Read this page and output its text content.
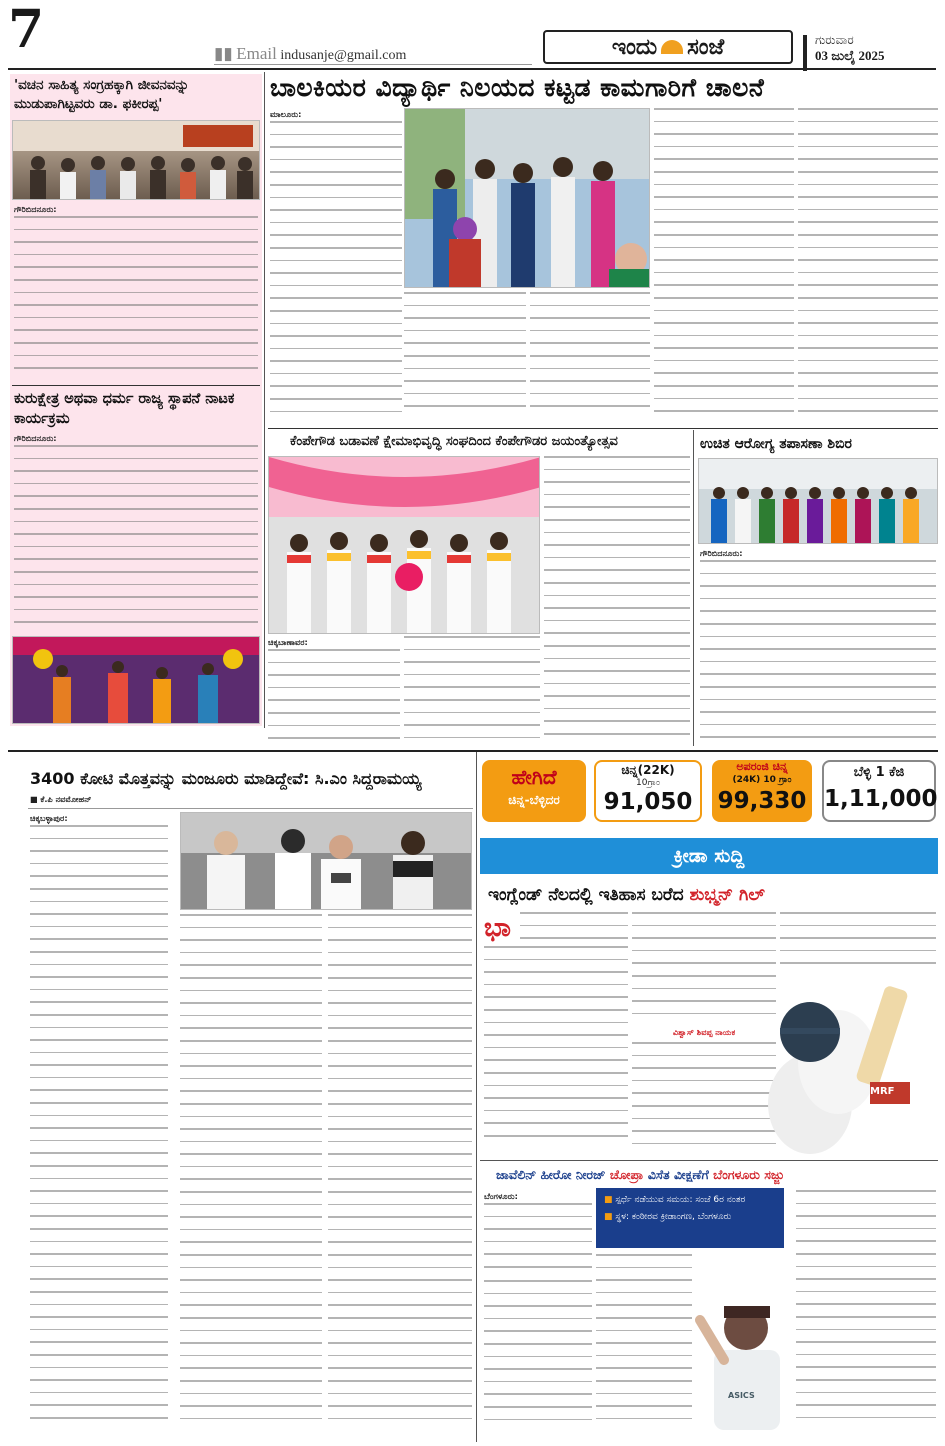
7	▮▮ Email indusanje@gmail.com	ಇಂದು ಸಂಜೆ	ಗುರುವಾರ
03 ಜುಲೈ 2025
'ವಚನ ಸಾಹಿತ್ಯ ಸಂಗ್ರಹಕ್ಕಾಗಿ ಜೀವನವನ್ನು ಮುಡುಪಾಗಿಟ್ಟವರು ಡಾ. ಫಕೀರಪ್ಪ'
ಗೌರಿಬಿದನೂರು:
ಕುರುಕ್ಷೇತ್ರ ಅಥವಾ ಧರ್ಮ ರಾಜ್ಯ ಸ್ಥಾಪನೆ ನಾಟಕ ಕಾರ್ಯಕ್ರಮ
ಗೌರಿಬಿದನೂರು:
ಬಾಲಕಿಯರ ವಿದ್ಯಾರ್ಥಿ ನಿಲಯದ ಕಟ್ಟಡ ಕಾಮಗಾರಿಗೆ ಚಾಲನೆ
ಮಾಲೂರು:
ಕೆಂಪೇಗೌಡ ಬಡಾವಣೆ ಕ್ಷೇಮಾಭಿವೃದ್ಧಿ ಸಂಘದಿಂದ ಕೆಂಪೇಗೌಡರ ಜಯಂತ್ಯೋತ್ಸವ
ಚಿಕ್ಕಬಾಣಾವರ:
ಉಚಿತ ಆರೋಗ್ಯ ತಪಾಸಣಾ ಶಿಬಿರ
ಗೌರಿಬಿದನೂರು:
3400 ಕೋಟಿ ಮೊತ್ತವನ್ನು ಮಂಜೂರು ಮಾಡಿದ್ದೇವೆ: ಸಿ.ಎಂ ಸಿದ್ದರಾಮಯ್ಯ
■ ಕೆ.ಪಿ ನವಮೋಹನ್
ಚಿಕ್ಕಬಳ್ಳಾಪುರ:
ಹೇಗಿದೆ
ಚಿನ್ನ-ಬೆಳ್ಳಿದರ
ಚಿನ್ನ(22K)
10ಗ್ರಾಂ
91,050
ಅಪರಂಜಿ ಚಿನ್ನ
(24K) 10 ಗ್ರಾಂ
99,330
ಬೆಳ್ಳಿ 1 ಕೆಜಿ
1,11,000
ಕ್ರೀಡಾ ಸುದ್ದಿ
ಇಂಗ್ಲೆಂಡ್ ನೆಲದಲ್ಲಿ ಇತಿಹಾಸ ಬರೆದ ಶುಭ್ಮನ್ ಗಿಲ್
ಭಾ
ವಿಶ್ವಾಸ್ ಶಿವಪ್ಪ ನಾಯಕ
MRF
ಜಾವೆಲಿನ್ ಹೀರೋ ನೀರಜ್ ಚೋಪ್ರಾ ವಿಸೆತ ವೀಕ್ಷಣೆಗೆ ಬೆಂಗಳೂರು ಸಜ್ಜು
ಬೆಂಗಳೂರು:	■ ಸ್ಪರ್ಧೆ ನಡೆಯುವ ಸಮಯ: ಸಂಜೆ 6ರ ನಂತರ
■ ಸ್ಥಳ: ಕಂಠೀರವ ಕ್ರೀಡಾಂಗಣ, ಬೆಂಗಳೂರು
ASICS
